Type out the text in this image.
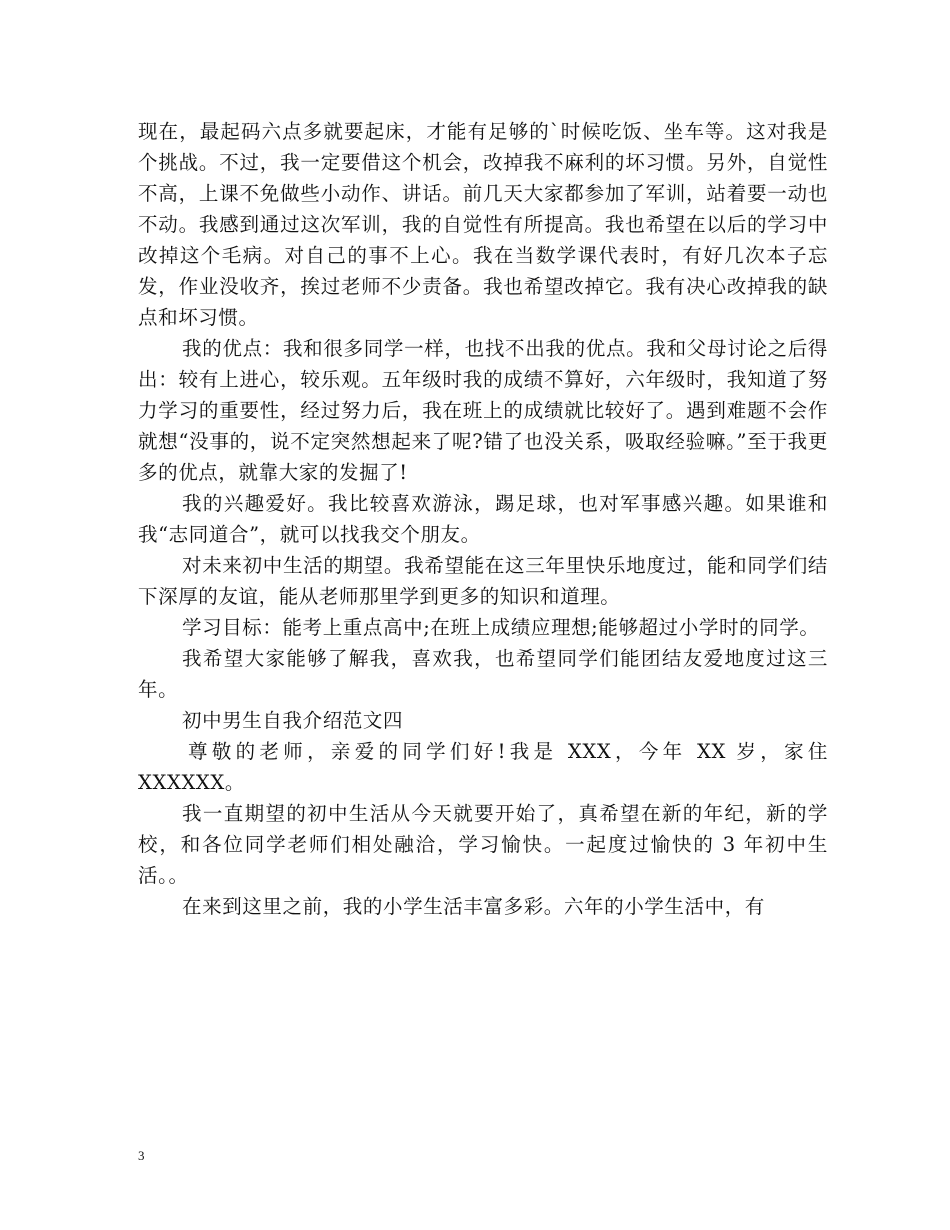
现在，最起码六点多就要起床，才能有足够的`时候吃饭、坐车等。这对我是个挑战。不过，我一定要借这个机会，改掉我不麻利的坏习惯。另外，自觉性不高，上课不免做些小动作、讲话。前几天大家都参加了军训，站着要一动也不动。我感到通过这次军训，我的自觉性有所提高。我也希望在以后的学习中改掉这个毛病。对自己的事不上心。我在当数学课代表时，有好几次本子忘发，作业没收齐，挨过老师不少责备。我也希望改掉它。我有决心改掉我的缺点和坏习惯。

我的优点：我和很多同学一样，也找不出我的优点。我和父母讨论之后得出：较有上进心，较乐观。五年级时我的成绩不算好，六年级时，我知道了努力学习的重要性，经过努力后，我在班上的成绩就比较好了。遇到难题不会作就想“没事的，说不定突然想起来了呢?错了也没关系，吸取经验嘛。”至于我更多的优点，就靠大家的发掘了!

我的兴趣爱好。我比较喜欢游泳，踢足球，也对军事感兴趣。如果谁和我“志同道合”，就可以找我交个朋友。

对未来初中生活的期望。我希望能在这三年里快乐地度过，能和同学们结下深厚的友谊，能从老师那里学到更多的知识和道理。

学习目标：能考上重点高中;在班上成绩应理想;能够超过小学时的同学。

我希望大家能够了解我，喜欢我，也希望同学们能团结友爱地度过这三年。

初中男生自我介绍范文四

尊敬的老师，亲爱的同学们好!我是 XXX，今年 XX 岁，家住 XXXXXX。

我一直期望的初中生活从今天就要开始了，真希望在新的年纪，新的学校，和各位同学老师们相处融洽，学习愉快。一起度过愉快的 3 年初中生活。。

在来到这里之前，我的小学生活丰富多彩。六年的小学生活中，有

3
